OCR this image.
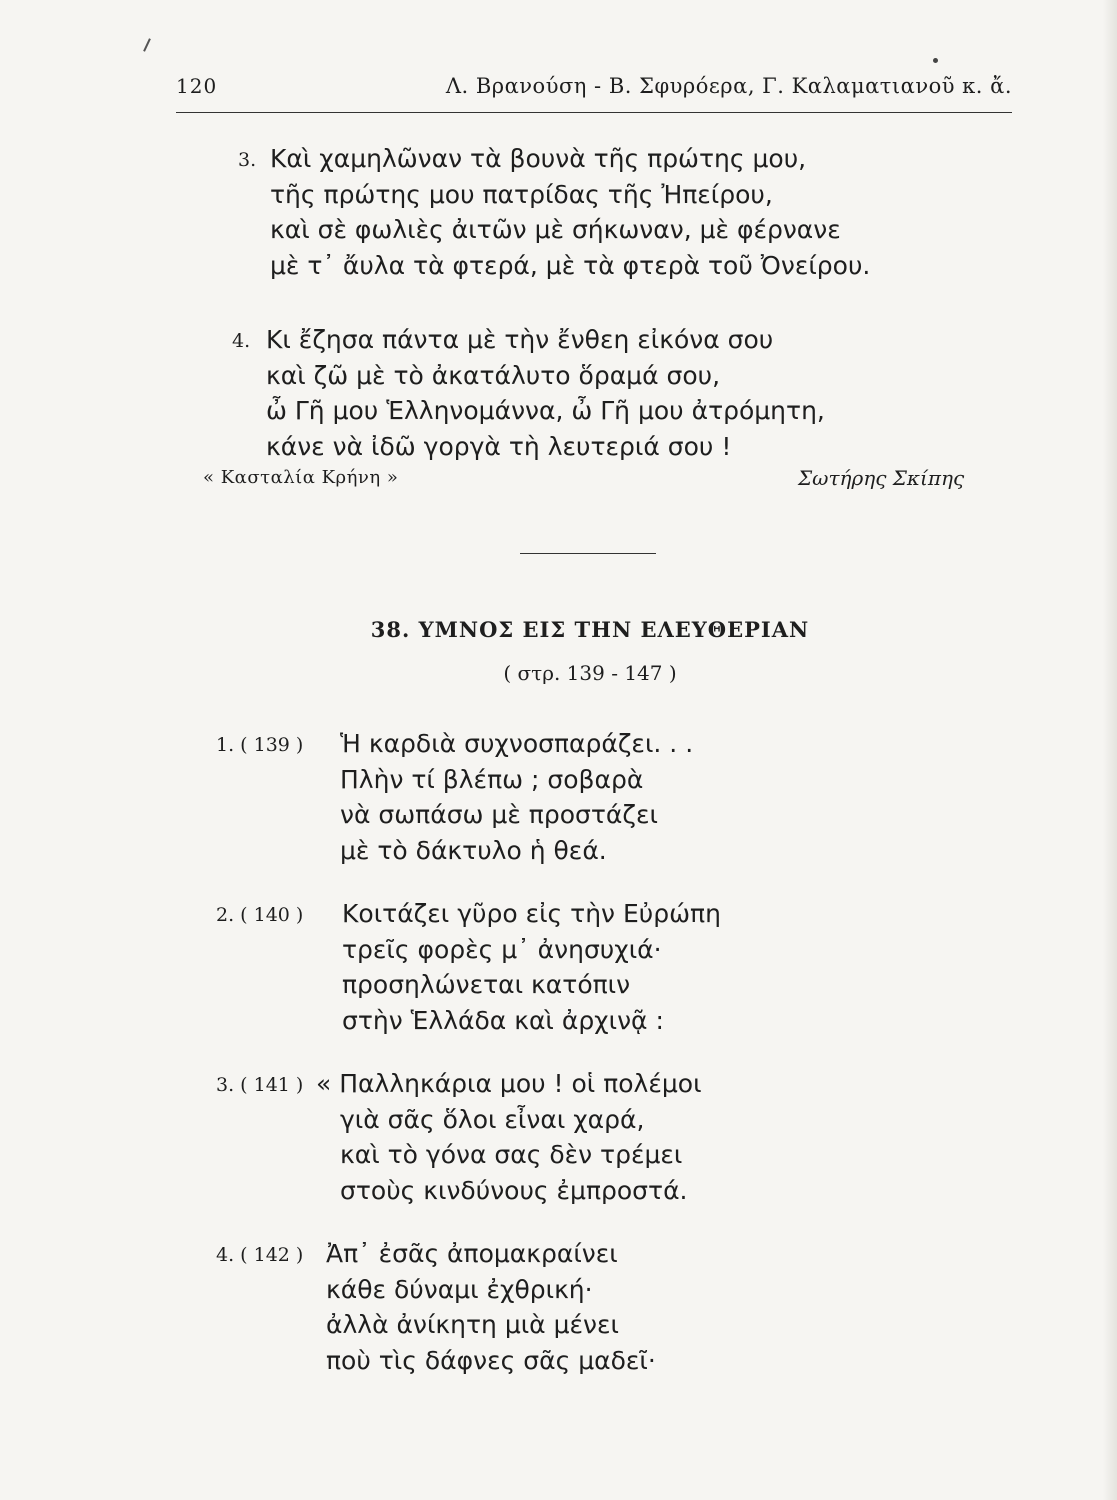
120	Λ. Βρανούση - Β. Σφυρόερα, Γ. Καλαματιανοῦ κ. ἄ.
3. Καὶ χαμηλῶναν τὰ βουνὰ τῆς πρώτης μου,
τῆς πρώτης μου πατρίδας τῆς Ἠπείρου,
καὶ σὲ φωλιὲς ἀιτῶν μὲ σήκωναν, μὲ φέρνανε
μὲ τ᾿ ἄυλα τὰ φτερά, μὲ τὰ φτερὰ τοῦ Ὀνείρου.
4. Κι ἔζησα πάντα μὲ τὴν ἔνθεη εἰκόνα σου
καὶ ζῶ μὲ τὸ ἀκατάλυτο ὅραμά σου,
ὦ Γῆ μου Ἑλληνομάννα, ὦ Γῆ μου ἀτρόμητη,
κάνε νὰ ἰδῶ γοργὰ τὴ λευτεριά σου !
« Κασταλία Κρήνη »	Σωτήρης Σκίπης
38. ΥΜΝΟΣ ΕΙΣ ΤΗΝ ΕΛΕΥΘΕΡΙΑΝ
( στρ. 139 - 147 )
1. ( 139 ) Ἡ καρδιὰ συχνοσπαράζει. . .
Πλὴν τί βλέπω ; σοβαρὰ
νὰ σωπάσω μὲ προστάζει
μὲ τὸ δάκτυλο ἡ θεά.
2. ( 140 ) Κοιτάζει γῦρο εἰς τὴν Εὐρώπη
τρεῖς φορὲς μ᾿ ἀνησυχιά·
προσηλώνεται κατόπιν
στὴν Ἑλλάδα καὶ ἀρχινᾷ :
3. ( 141 ) « Παλληκάρια μου ! οἱ πολέμοι
γιὰ σᾶς ὅλοι εἶναι χαρά,
καὶ τὸ γόνα σας δὲν τρέμει
στοὺς κινδύνους ἐμπροστά.
4. ( 142 ) Ἀπ᾿ ἐσᾶς ἀπομακραίνει
κάθε δύναμι ἐχθρική·
ἀλλὰ ἀνίκητη μιὰ μένει
ποὺ τὶς δάφνες σᾶς μαδεῖ·
